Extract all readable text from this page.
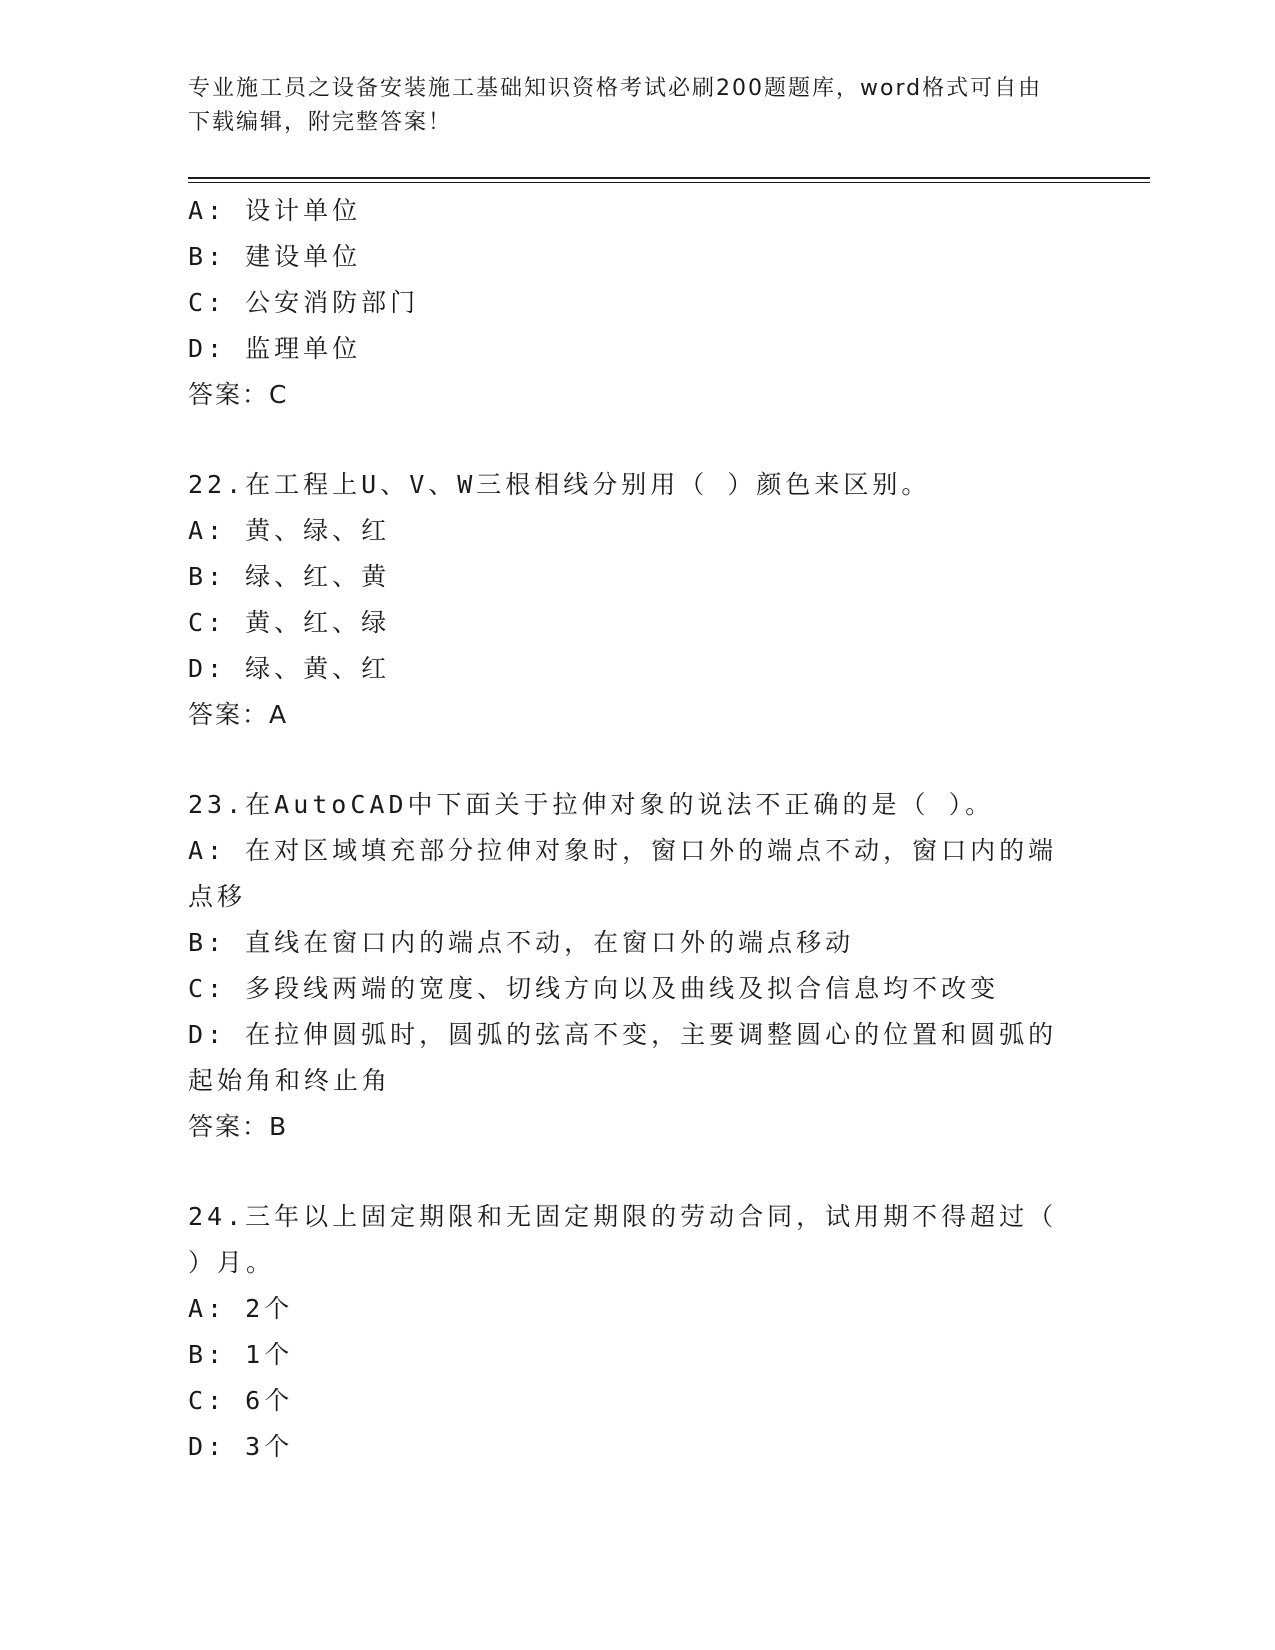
专业施工员之设备安装施工基础知识资格考试必刷200题题库，word格式可自由
下载编辑，附完整答案！
A: 设计单位
B: 建设单位
C: 公安消防部门
D: 监理单位
答案：C
22.在工程上U、V、W三根相线分别用（ ）颜色来区别。
A: 黄、绿、红
B: 绿、红、黄
C: 黄、红、绿
D: 绿、黄、红
答案：A
23.在AutoCAD中下面关于拉伸对象的说法不正确的是（ ）。
A: 在对区域填充部分拉伸对象时，窗口外的端点不动，窗口内的端点移
B: 直线在窗口内的端点不动，在窗口外的端点移动
C: 多段线两端的宽度、切线方向以及曲线及拟合信息均不改变
D: 在拉伸圆弧时，圆弧的弦高不变，主要调整圆心的位置和圆弧的起始角和终止角
答案：B
24.三年以上固定期限和无固定期限的劳动合同，试用期不得超过（ ）月。
A: 2个
B: 1个
C: 6个
D: 3个
